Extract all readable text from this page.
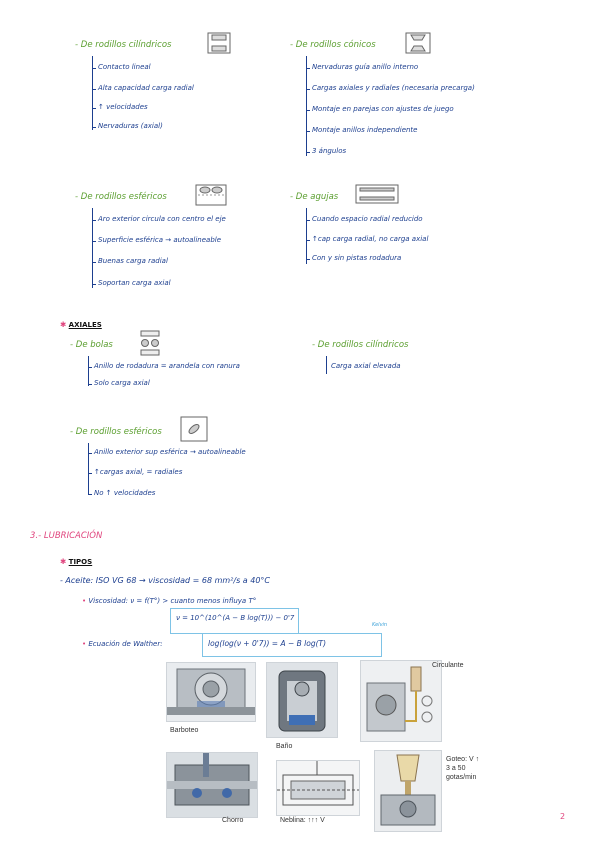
- De rodillos cilíndricos
Contacto lineal
Alta capacidad carga radial
↑ velocidades
Nervaduras (axial)
- De rodillos cónicos
Nervaduras guía anillo interno
Cargas axiales y radiales (necesaria precarga)
Montaje en parejas con ajustes de juego
Montaje anillos independiente
3 ángulos
- De rodillos esféricos
Aro exterior circula con centro el eje
Superficie esférica → autoalineable
Buenas carga radial
Soportan carga axial
- De agujas
Cuando espacio radial reducido
↑cap carga radial, no carga axial
Con y sin pistas rodadura
✱ AXIALES
- De bolas
Anillo de rodadura = arandela con ranura
Solo carga axial
- De rodillos cilíndricos
Carga axial elevada
- De rodillos esféricos
Anillo exterior sup esférica → autoalineable
↑cargas axial, = radiales
No ↑ velocidades
3.- LUBRICACIÓN
✱ TIPOS
- Aceite: ISO VG 68 → viscosidad = 68 mm²/s a 40°C
• Viscosidad: ν = f(T°) > cuanto menos influya T°
ν = 10^(10^(A − B log(T))) − 0'7
• Ecuación de Walther:	log(log(ν + 0'7)) = A − B log(T)
Kelvin
Barboteo
Baño
Circulante
Chorro	Neblina: ↑↑↑ V
Goteo: V ↑
3 a 50
gotas/min
2
